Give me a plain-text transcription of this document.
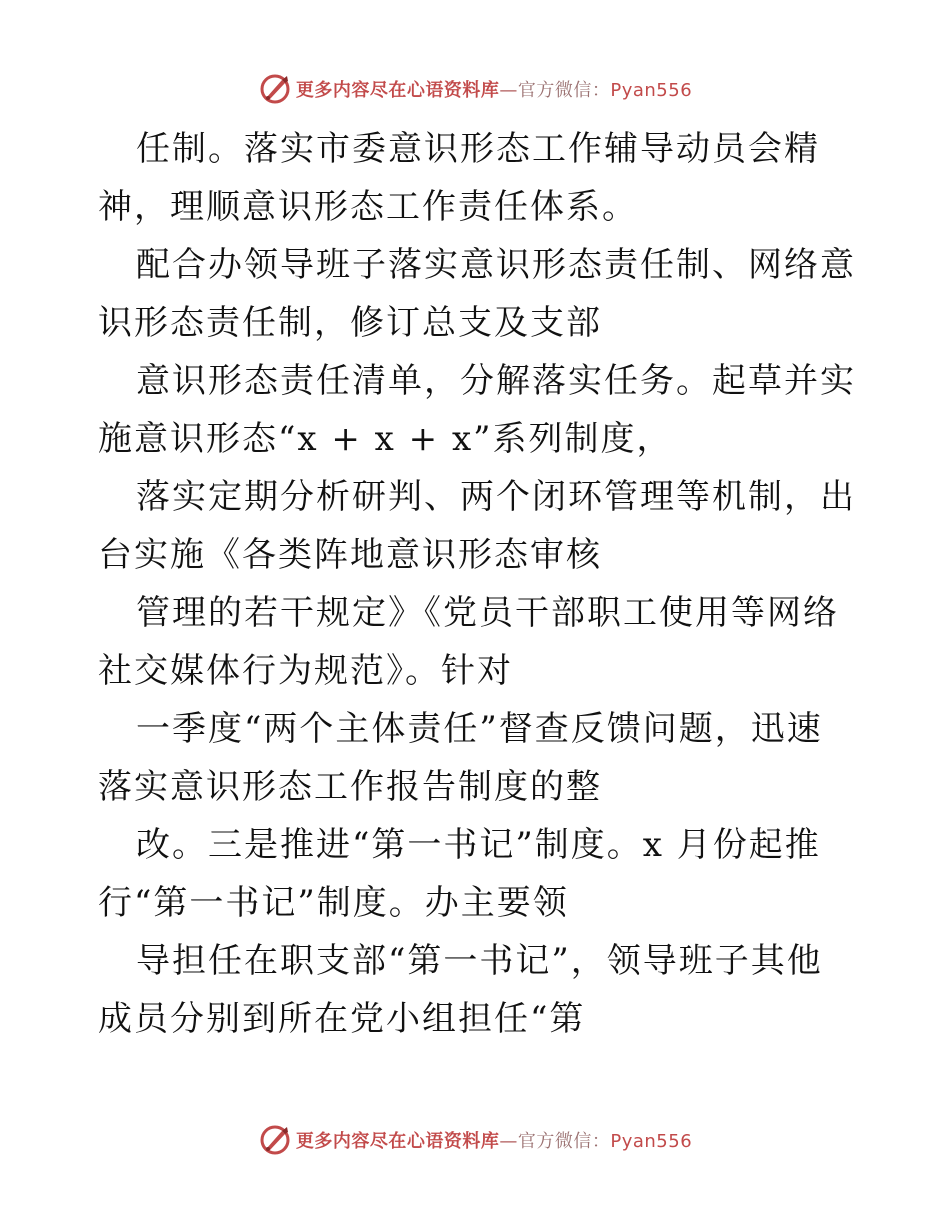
更多内容尽在心语资料库—官方微信：Pyan556

任制。落实市委意识形态工作辅导动员会精神，理顺意识形态工作责任体系。

配合办领导班子落实意识形态责任制、网络意识形态责任制，修订总支及支部

意识形态责任清单，分解落实任务。起草并实施意识形态“x + x + x”系列制度，

落实定期分析研判、两个闭环管理等机制，出台实施《各类阵地意识形态审核

管理的若干规定》《党员干部职工使用等网络社交媒体行为规范》。针对

一季度“两个主体责任”督查反馈问题，迅速落实意识形态工作报告制度的整

改。三是推进“第一书记”制度。x 月份起推行“第一书记”制度。办主要领

导担任在职支部“第一书记”，领导班子其他成员分别到所在党小组担任“第

更多内容尽在心语资料库—官方微信：Pyan556
